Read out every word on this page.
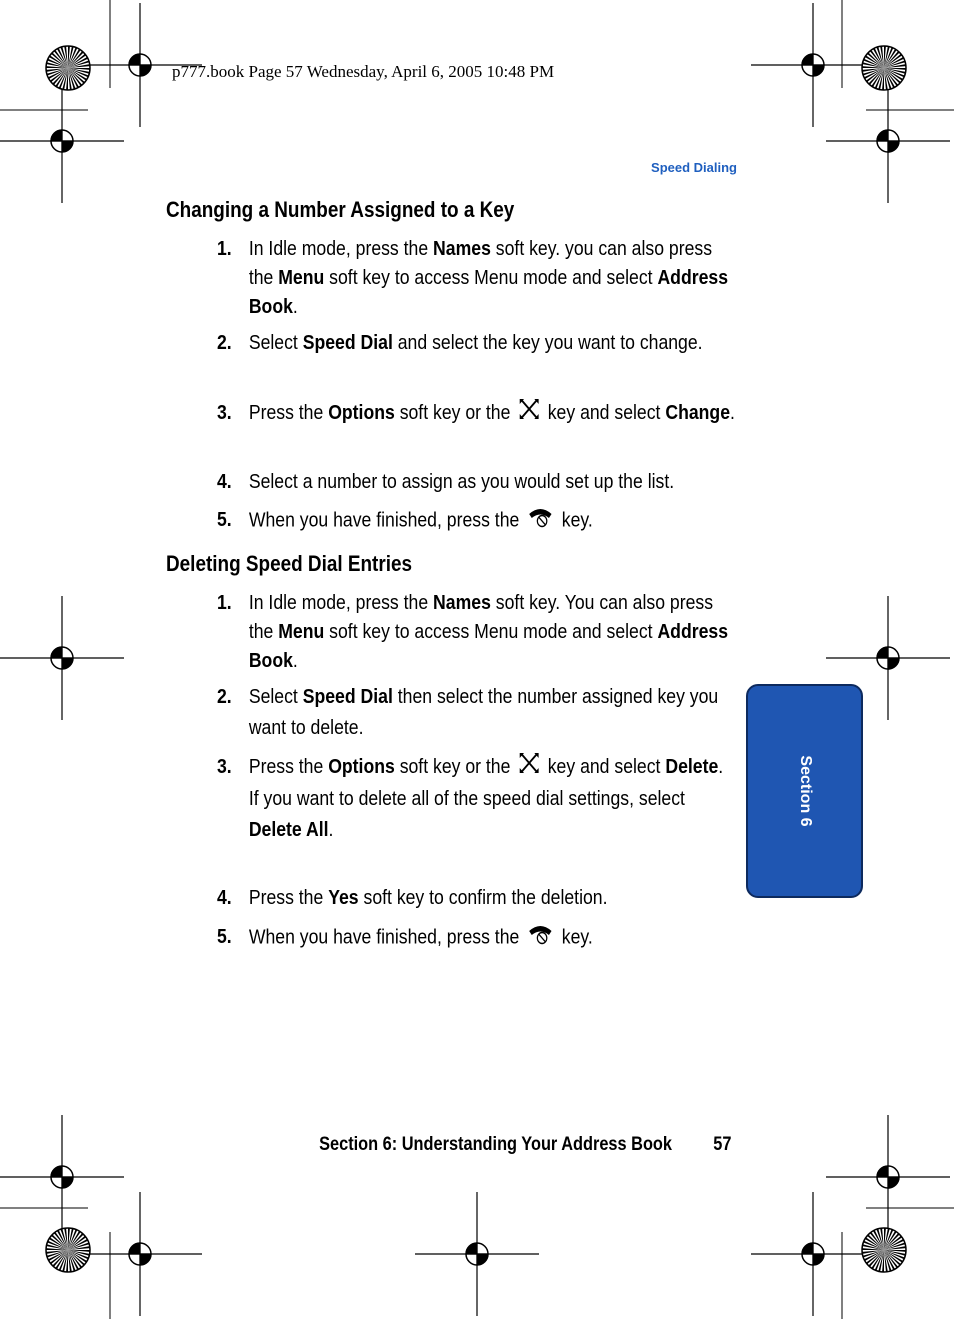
p777.book Page 57 Wednesday, April 6, 2005 10:48 PM
Speed Dialing
Changing a Number Assigned to a Key
1. In Idle mode, press the Names soft key. you can also press the Menu soft key to access Menu mode and select Address Book.
2. Select Speed Dial and select the key you want to change.
3. Press the Options soft key or the  key and select Change.
4. Select a number to assign as you would set up the list.
5. When you have finished, press the  key.
Deleting Speed Dial Entries
1. In Idle mode, press the Names soft key. You can also press the Menu soft key to access Menu mode and select Address Book.
2. Select Speed Dial then select the number assigned key you want to delete.
3. Press the Options soft key or the  key and select Delete.
If you want to delete all of the speed dial settings, select Delete All.
4. Press the Yes soft key to confirm the deletion.
5. When you have finished, press the  key.
Section 6
Section 6: Understanding Your Address Book 57
